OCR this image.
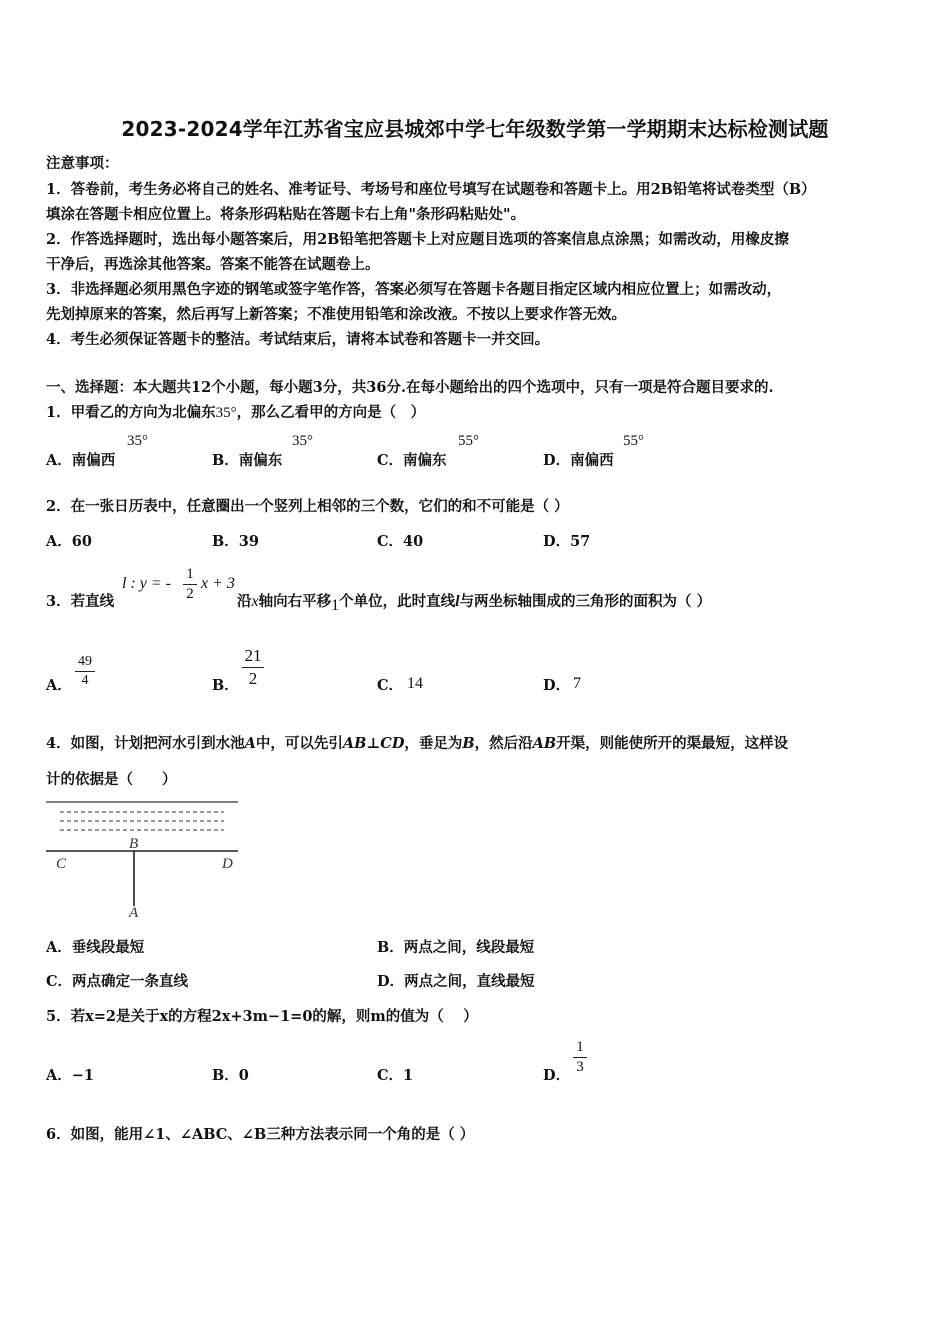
2023-2024学年江苏省宝应县城郊中学七年级数学第一学期期末达标检测试题
注意事项：
1．答卷前，考生务必将自己的姓名、准考证号、考场号和座位号填写在试题卷和答题卡上。用2B铅笔将试卷类型（B）
填涂在答题卡相应位置上。将条形码粘贴在答题卡右上角"条形码粘贴处"。
2．作答选择题时，选出每小题答案后，用2B铅笔把答题卡上对应题目选项的答案信息点涂黑；如需改动，用橡皮擦
干净后，再选涂其他答案。答案不能答在试题卷上。
3．非选择题必须用黑色字迹的钢笔或签字笔作答，答案必须写在答题卡各题目指定区域内相应位置上；如需改动，
先划掉原来的答案，然后再写上新答案；不准使用铅笔和涂改液。不按以上要求作答无效。
4．考生必须保证答题卡的整洁。考试结束后，请将本试卷和答题卡一并交回。
一、选择题：本大题共12个小题，每小题3分，共36分.在每小题给出的四个选项中，只有一项是符合题目要求的.
1．甲看乙的方向为北偏东35°，那么乙看甲的方向是（　）
A．南偏西
35°
B．南偏东
35°
C．南偏东
55°
D．南偏西
55°
2．在一张日历表中，任意圈出一个竖列上相邻的三个数，它们的和不可能是（ ）
A．60	B．39	C．40	D．57
3．若直线
l : y = -
1
2
x + 3
沿x轴向右平移1个单位，此时直线l与两坐标轴围成的三角形的面积为（ ）
A．
49
4	B．
21
2	C． 14	D． 7
4．如图，计划把河水引到水池A中，可以先引AB⊥CD，垂足为B，然后沿AB开渠，则能使所开的渠最短，这样设
计的依据是（　　）
C
B
D
A
A．垂线段最短	B．两点之间，线段最短
C．两点确定一条直线	D．两点之间，直线最短
5．若x=2是关于x的方程2x+3m−1=0的解，则m的值为（　 ）
A．−1	B．0	C．1	D．
1
3
6．如图，能用∠1、∠ABC、∠B三种方法表示同一个角的是（ ）
